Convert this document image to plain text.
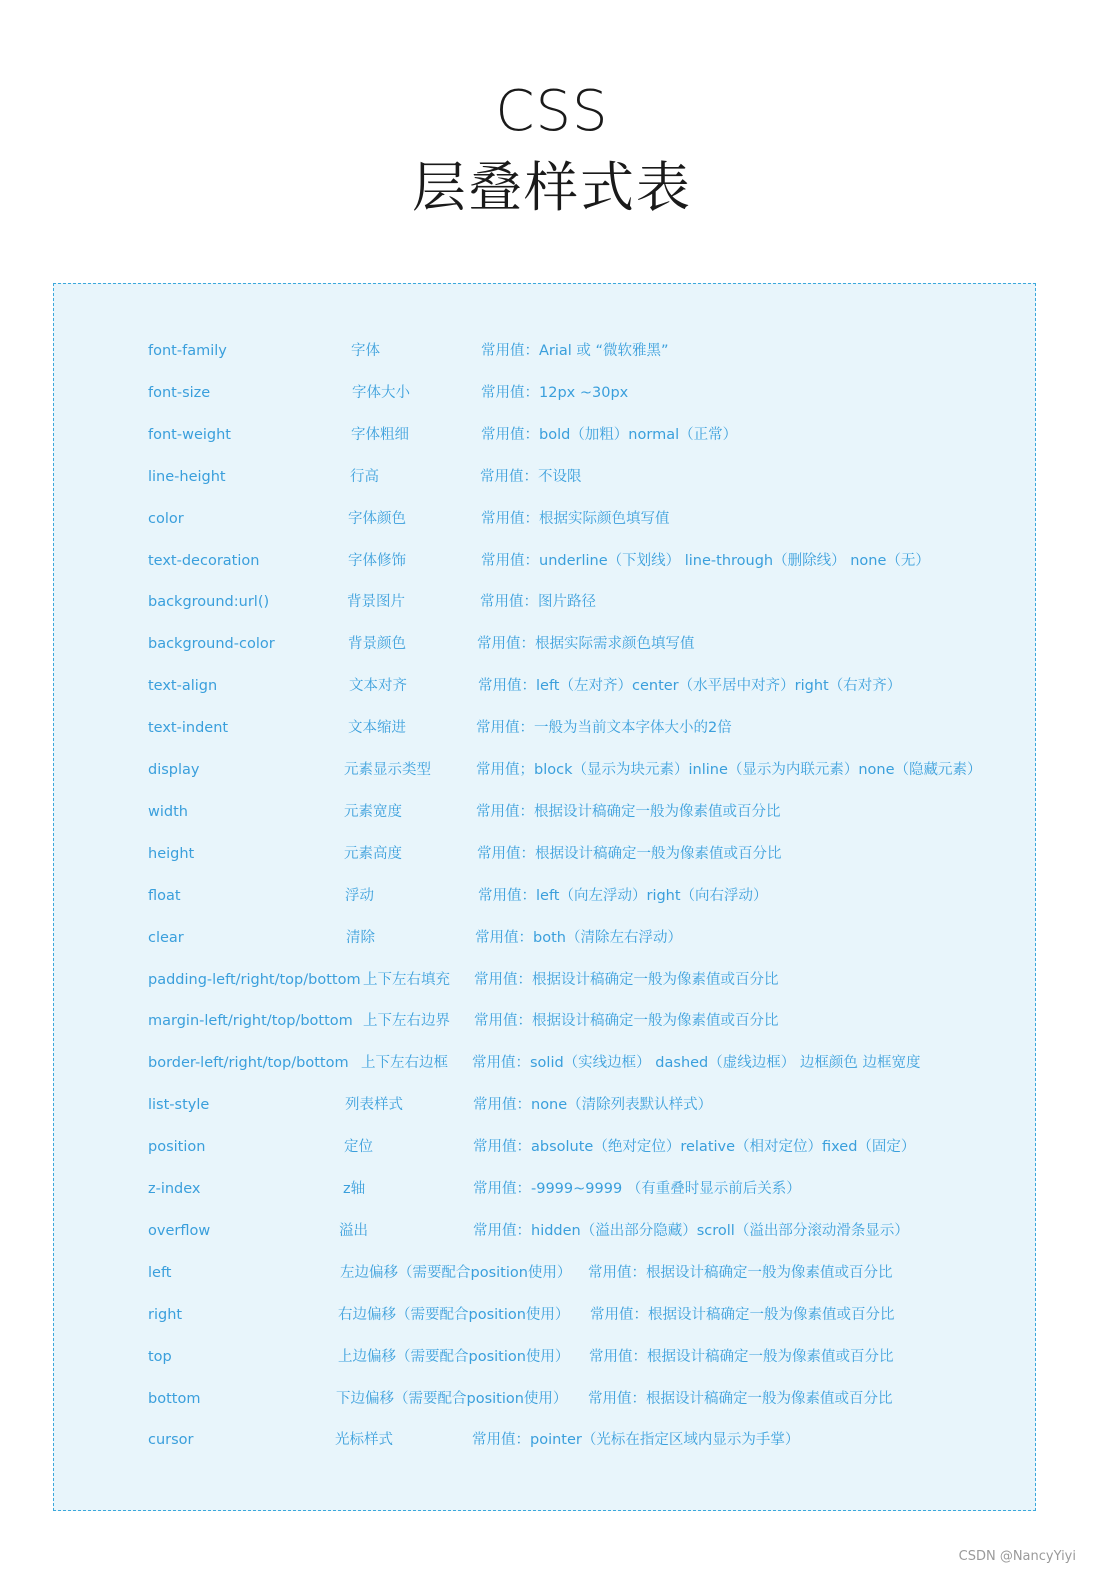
CSS
层叠样式表
font-family	字体	常用值：Arial 或 “微软雅黑”
font-size	字体大小	常用值：12px ~30px
font-weight	字体粗细	常用值：bold（加粗）normal（正常）
line-height	行高	常用值：不设限
color	字体颜色	常用值：根据实际颜色填写值
text-decoration	字体修饰	常用值：underline（下划线） line-through（删除线） none（无）
background:url()	背景图片	常用值：图片路径
background-color	背景颜色	常用值：根据实际需求颜色填写值
text-align	文本对齐	常用值：left（左对齐）center（水平居中对齐）right（右对齐）
text-indent	文本缩进	常用值：一般为当前文本字体大小的2倍
display	元素显示类型	常用值；block（显示为块元素）inline（显示为内联元素）none（隐藏元素）
width	元素宽度	常用值：根据设计稿确定一般为像素值或百分比
height	元素高度	常用值：根据设计稿确定一般为像素值或百分比
float	浮动	常用值：left（向左浮动）right（向右浮动）
clear	清除	常用值：both（清除左右浮动）
padding-left/right/top/bottom 上下左右填充 常用值：根据设计稿确定一般为像素值或百分比
margin-left/right/top/bottom 上下左右边界 常用值：根据设计稿确定一般为像素值或百分比
border-left/right/top/bottom 上下左右边框 常用值：solid（实线边框） dashed（虚线边框） 边框颜色 边框宽度
list-style	列表样式	常用值：none（清除列表默认样式）
position	定位	常用值：absolute（绝对定位）relative（相对定位）fixed（固定）
z-index	z轴	常用值：-9999~9999 （有重叠时显示前后关系）
overflow	溢出	常用值：hidden（溢出部分隐藏）scroll（溢出部分滚动滑条显示）
left	左边偏移（需要配合position使用） 常用值：根据设计稿确定一般为像素值或百分比
right	右边偏移（需要配合position使用） 常用值：根据设计稿确定一般为像素值或百分比
top	上边偏移（需要配合position使用） 常用值：根据设计稿确定一般为像素值或百分比
bottom	下边偏移（需要配合position使用） 常用值：根据设计稿确定一般为像素值或百分比
cursor	光标样式	常用值：pointer（光标在指定区域内显示为手掌）
CSDN @NancyYiyi
